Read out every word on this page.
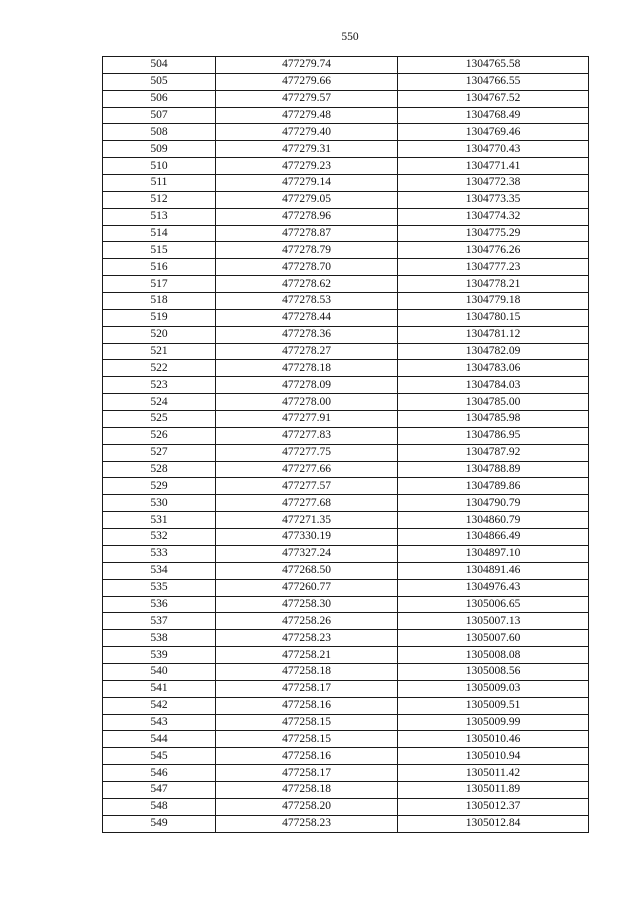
550
504	477279.74	1304765.58
505	477279.66	1304766.55
506	477279.57	1304767.52
507	477279.48	1304768.49
508	477279.40	1304769.46
509	477279.31	1304770.43
510	477279.23	1304771.41
511	477279.14	1304772.38
512	477279.05	1304773.35
513	477278.96	1304774.32
514	477278.87	1304775.29
515	477278.79	1304776.26
516	477278.70	1304777.23
517	477278.62	1304778.21
518	477278.53	1304779.18
519	477278.44	1304780.15
520	477278.36	1304781.12
521	477278.27	1304782.09
522	477278.18	1304783.06
523	477278.09	1304784.03
524	477278.00	1304785.00
525	477277.91	1304785.98
526	477277.83	1304786.95
527	477277.75	1304787.92
528	477277.66	1304788.89
529	477277.57	1304789.86
530	477277.68	1304790.79
531	477271.35	1304860.79
532	477330.19	1304866.49
533	477327.24	1304897.10
534	477268.50	1304891.46
535	477260.77	1304976.43
536	477258.30	1305006.65
537	477258.26	1305007.13
538	477258.23	1305007.60
539	477258.21	1305008.08
540	477258.18	1305008.56
541	477258.17	1305009.03
542	477258.16	1305009.51
543	477258.15	1305009.99
544	477258.15	1305010.46
545	477258.16	1305010.94
546	477258.17	1305011.42
547	477258.18	1305011.89
548	477258.20	1305012.37
549	477258.23	1305012.84
